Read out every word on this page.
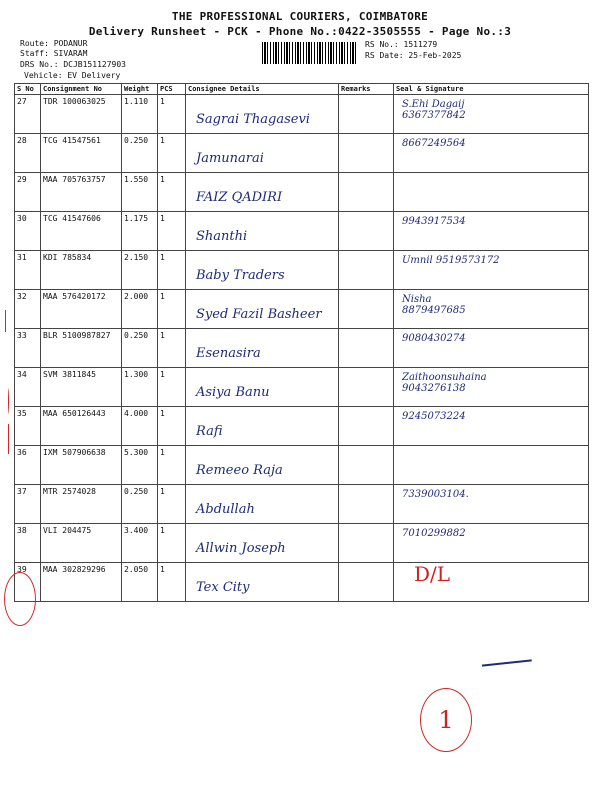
THE PROFESSIONAL COURIERS, COIMBATORE
Delivery Runsheet - PCK - Phone No.:0422-3505555 - Page No.:3
Route: PODANUR
Staff: SIVARAM
DRS No.: DCJB151127903
Vehicle: EV Delivery
RS No.: 1511279
RS Date: 25-Feb-2025
S No	Consignment No	Weight	PCS	Consignee Details	Remarks	Seal & Signature
27	TDR 100063025	1.110	1	Sagrai Thagasevi		S.Ehi Dagaij
6367377842

28	TCG 41547561	0.250	1	Jamunarai		8667249564

29	MAA 705763757	1.550	1	FAIZ QADIRI		

30	TCG 41547606	1.175	1	Shanthi		9943917534

31	KDI 785834	2.150	1	Baby Traders		Umnil 9519573172

32	MAA 576420172	2.000	1	Syed Fazil Basheer		Nisha
8879497685

33	BLR 5100987827	0.250	1	Esenasira		9080430274

34	SVM 3811845	1.300	1	Asiya Banu		Zaithoonsuhaina
9043276138

35	MAA 650126443	4.000	1	Rafi		9245073224

36	IXM 507906638	5.300	1	Remeeo Raja		

37	MTR 2574028	0.250	1	Abdullah		7339003104.

38	VLI 204475	3.400	1	Allwin Joseph		7010299882

39	MAA 302829296	2.050	1	Tex City		D/L
1
